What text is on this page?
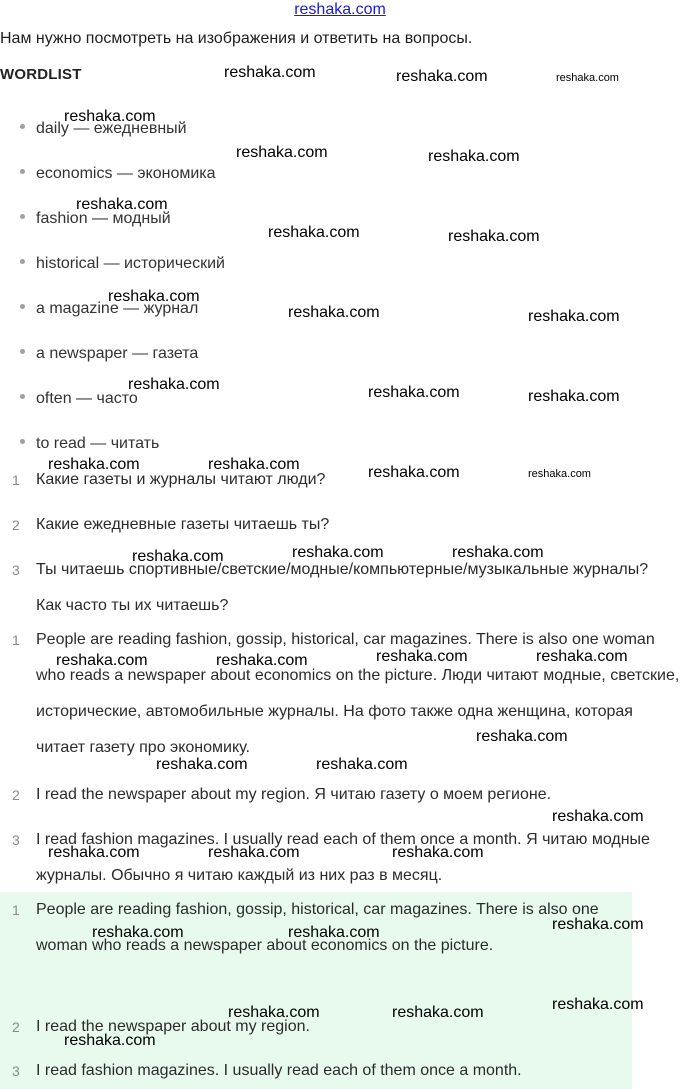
reshaka.com
Нам нужно посмотреть на изображения и ответить на вопросы.
WORDLIST
daily — ежедневный
economics — экономика
fashion — модный
historical — исторический
a magazine — журнал
a newspaper — газета
often — часто
to read — читать
1 Какие газеты и журналы читают люди?
2 Какие ежедневные газеты читаешь ты?
3 Ты читаешь спортивные/светские/модные/компьютерные/музыкальные журналы? Как часто ты их читаешь?
1 People are reading fashion, gossip, historical, car magazines. There is also one woman who reads a newspaper about economics on the picture. Люди читают модные, светские, исторические, автомобильные журналы. На фото также одна женщина, которая читает газету про экономику.
2 I read the newspaper about my region. Я читаю газету о моем регионе.
3 I read fashion magazines. I usually read each of them once a month. Я читаю модные журналы. Обычно я читаю каждый из них раз в месяц.
1 People are reading fashion, gossip, historical, car magazines. There is also one woman who reads a newspaper about economics on the picture.
2 I read the newspaper about my region.
3 I read fashion magazines. I usually read each of them once a month.
reshaka.com	reshaka.com	reshaka.com
reshaka.com
reshaka.com	reshaka.com
reshaka.com
reshaka.com	reshaka.com
reshaka.com
reshaka.com	reshaka.com
reshaka.com	reshaka.com	reshaka.com
reshaka.com	reshaka.com	reshaka.com	reshaka.com
reshaka.com	reshaka.com	reshaka.com
reshaka.com	reshaka.com	reshaka.com	reshaka.com
reshaka.com
reshaka.com	reshaka.com
reshaka.com
reshaka.com	reshaka.com	reshaka.com
reshaka.com
reshaka.com	reshaka.com
reshaka.com
reshaka.com	reshaka.com
reshaka.com
